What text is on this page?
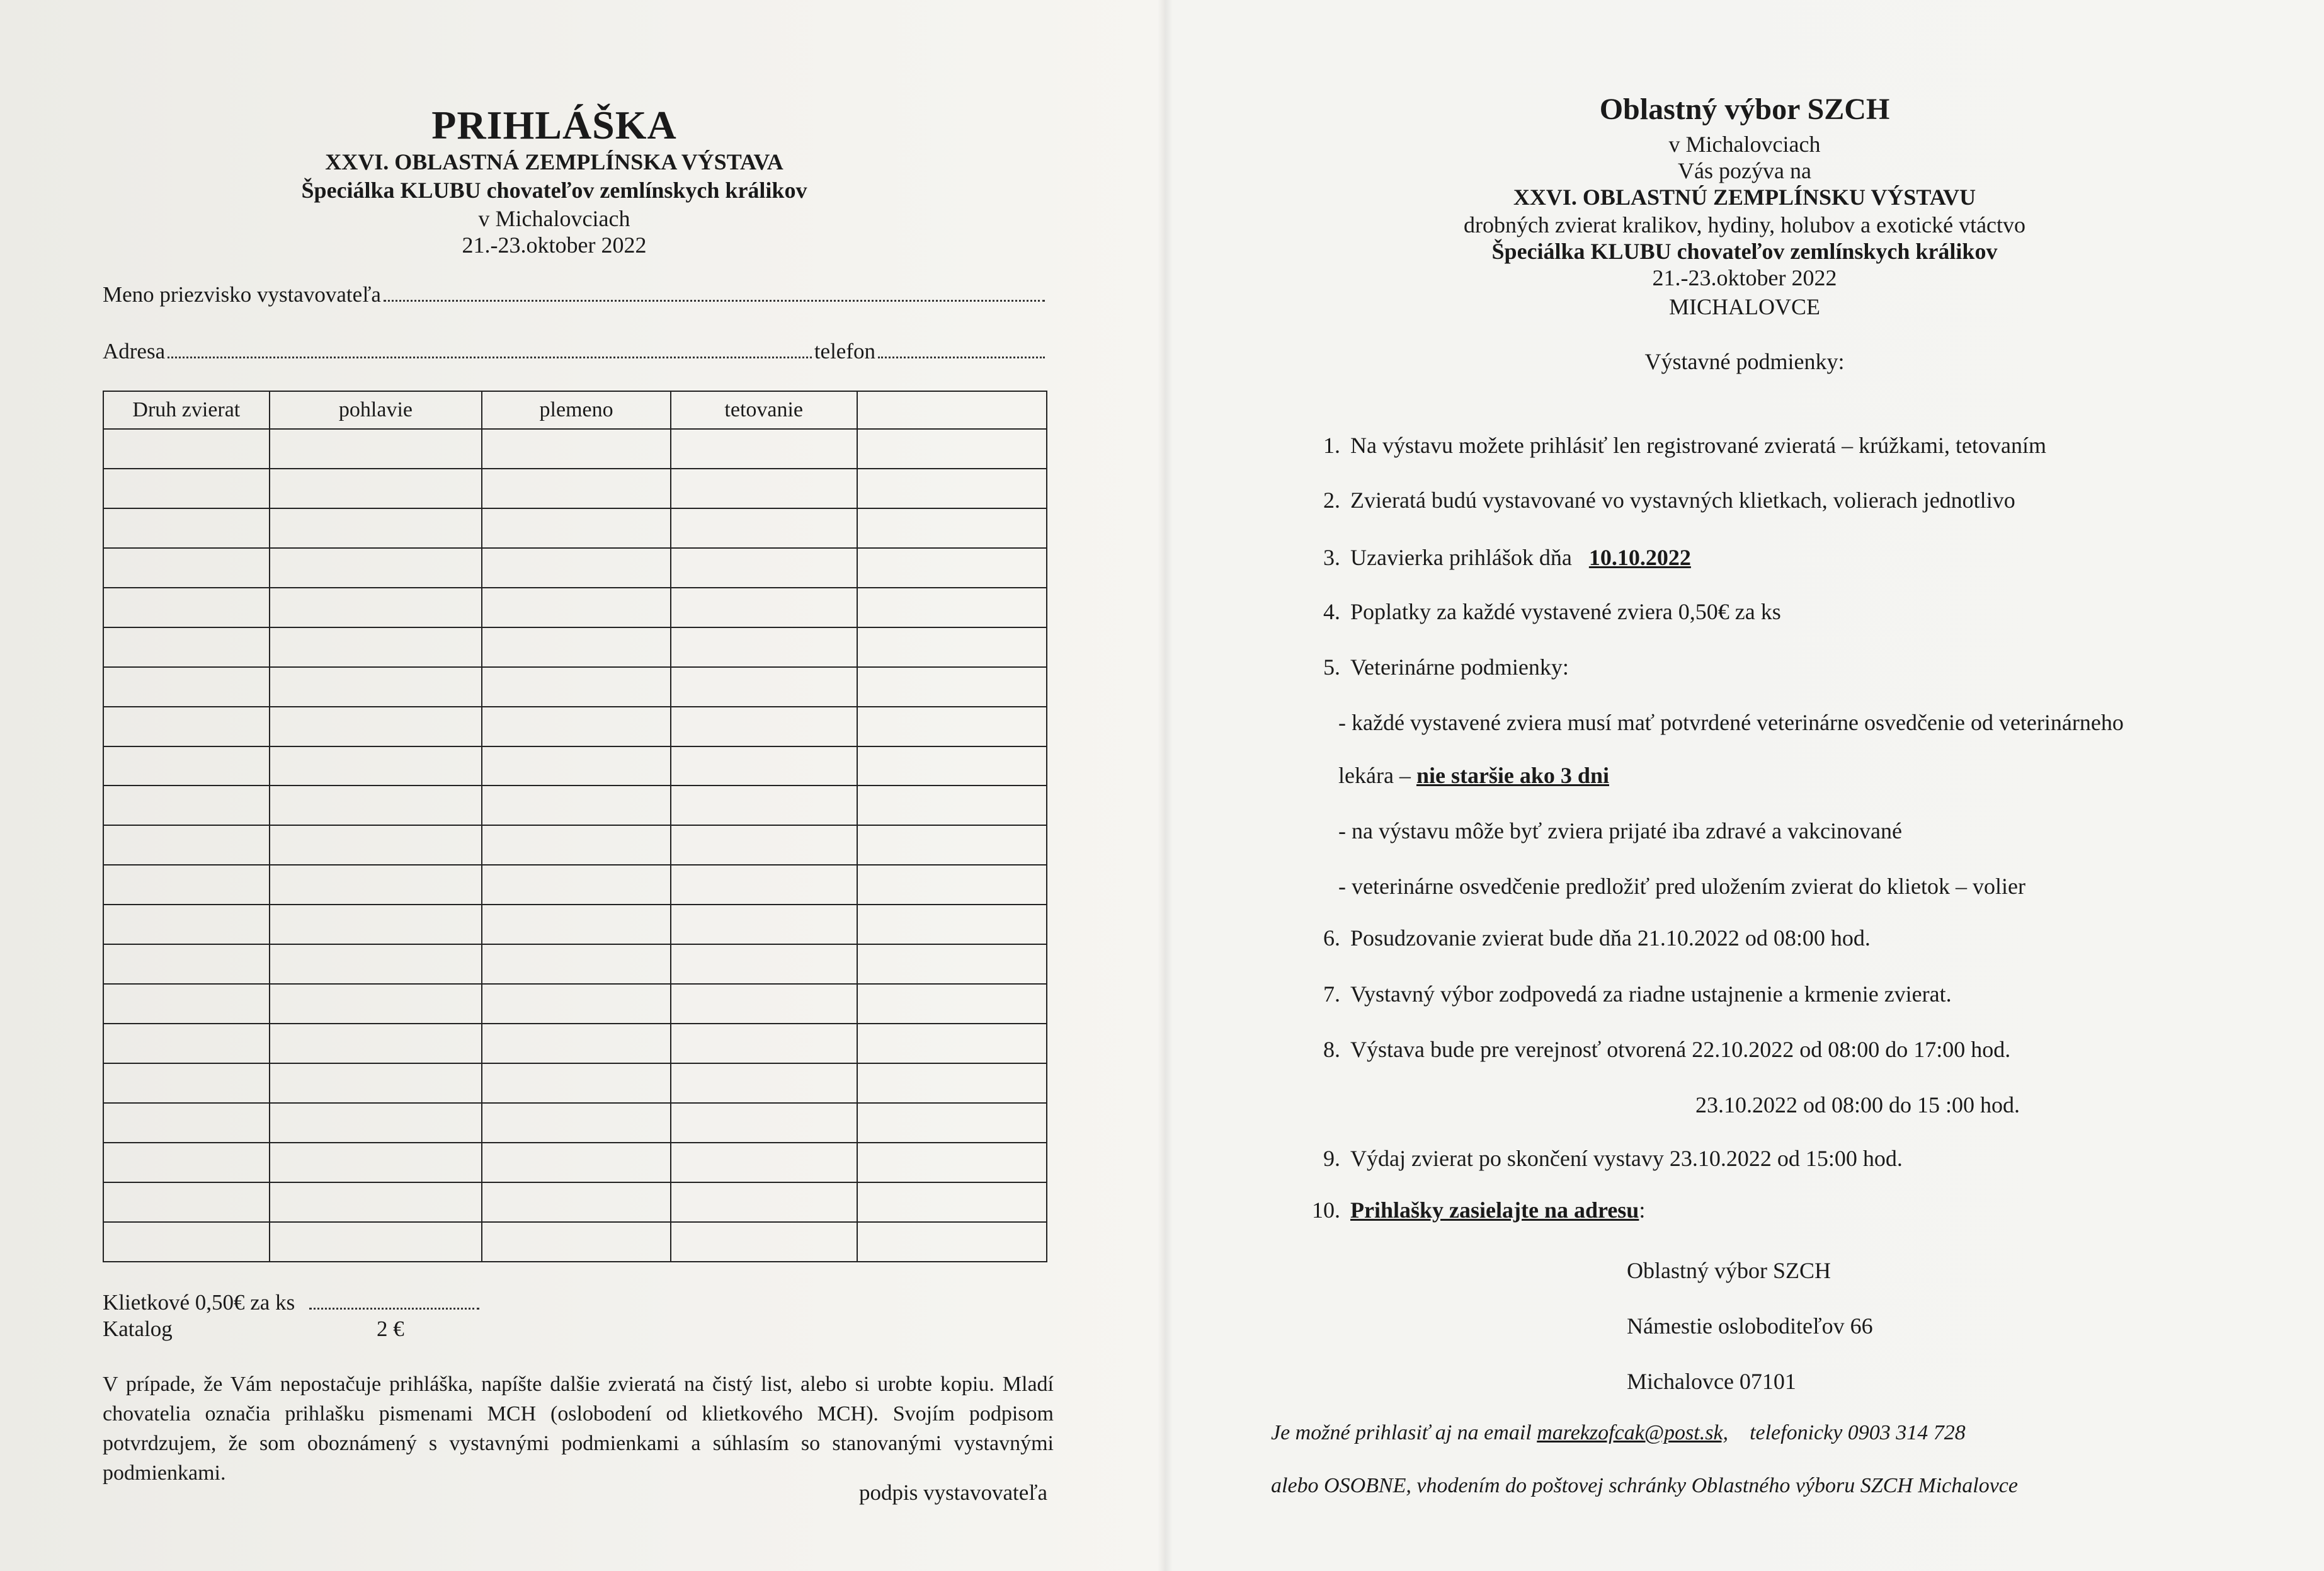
PRIHLÁŠKA
XXVI. OBLASTNÁ ZEMPLÍNSKA VÝSTAVA
Špeciálka KLUBU chovateľov zemlínskych králikov
v Michalovciach
21.-23.oktober 2022
Meno priezvisko vystavovateľa
Adresa	telefon
Druh zvierat	pohlavie	plemeno	tetovanie	

Klietkové 0,50€ za ks
Katalog	2 €
V prípade, že Vám nepostačuje prihláška, napíšte dalšie zvieratá na čistý list, alebo si urobte kopiu. Mladí chovatelia označia prihlašku pismenami MCH (oslobodení od klietkového MCH). Svojím podpisom potvrdzujem, že som oboznámený s vystavnými podmienkami a súhlasím so stanovanými vystavnými podmienkami.
podpis vystavovateľa
Oblastný výbor SZCH
v Michalovciach
Vás pozýva na
XXVI. OBLASTNÚ ZEMPLÍNSKU VÝSTAVU
drobných zvierat kralikov, hydiny, holubov a exotické vtáctvo
Špeciálka KLUBU chovateľov zemlínskych králikov
21.-23.oktober 2022
MICHALOVCE
Výstavné podmienky:
1. Na výstavu možete prihlásiť len registrované zvieratá – krúžkami, tetovaním
2. Zvieratá budú vystavované vo vystavných klietkach, volierach jednotlivo
3. Uzavierka prihlášok dňa 10.10.2022
4. Poplatky za každé vystavené zviera 0,50€ za ks
5. Veterinárne podmienky:
- každé vystavené zviera musí mať potvrdené veterinárne osvedčenie od veterinárneho
lekára – nie staršie ako 3 dni
- na výstavu môže byť zviera prijaté iba zdravé a vakcinované
- veterinárne osvedčenie predložiť pred uložením zvierat do klietok – volier
6. Posudzovanie zvierat bude dňa 21.10.2022 od 08:00 hod.
7. Vystavný výbor zodpovedá za riadne ustajnenie a krmenie zvierat.
8. Výstava bude pre verejnosť otvorená 22.10.2022 od 08:00 do 17:00 hod.
23.10.2022 od 08:00 do 15 :00 hod.
9. Výdaj zvierat po skončení vystavy 23.10.2022 od 15:00 hod.
10. Prihlašky zasielajte na adresu:
Oblastný výbor SZCH
Námestie osloboditeľov 66
Michalovce 07101
Je možné prihlasiť aj na email marekzofcak@post.sk, telefonicky 0903 314 728
alebo OSOBNE, vhodením do poštovej schránky Oblastného výboru SZCH Michalovce
